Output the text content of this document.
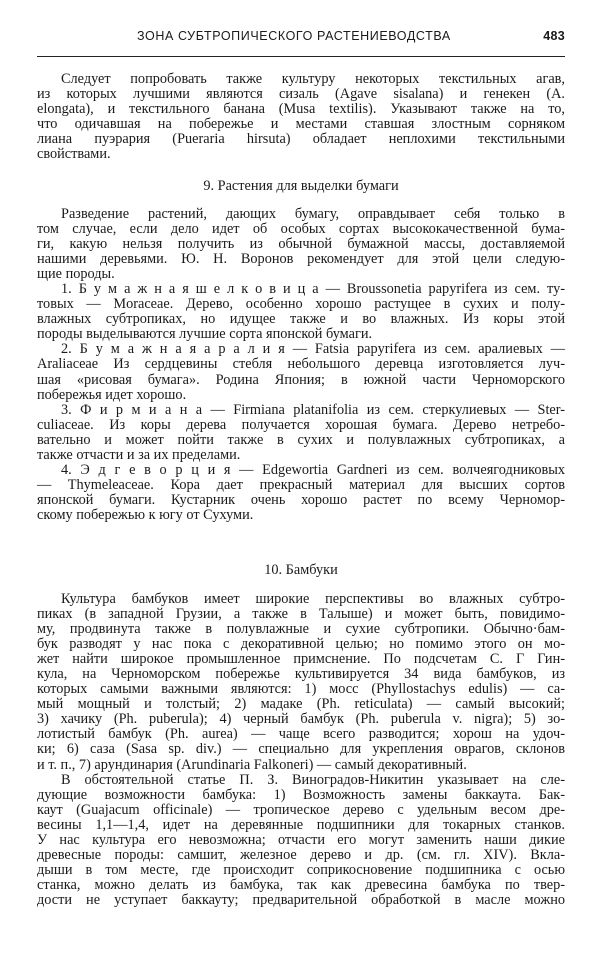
ЗОНА СУБТРОПИЧЕСКОГО РАСТЕНИЕВОДСТВА	483
Следует попробовать также культуру некоторых текстильных агав,
из которых лучшими являются сизаль (Agave sisalana) и генекен (A.
elongata), и текстильного банана (Musa textilis). Указывают также на то,
что одичавшая на побережье и местами ставшая злостным сорняком
лиана пуэрария (Pueraria hirsuta) обладает неплохими текстильными
свойствами.
9. Растения для выделки бумаги
Разведение растений, дающих бумагу, оправдывает себя только в
том случае, если дело идет об особых сортах высококачественной бума-
ги, какую нельзя получить из обычной бумажной массы, доставляемой
нашими деревьями. Ю. Н. Воронов рекомендует для этой цели следую-
щие породы.
1. Б у м а ж н а я ш е л к о в и ц а — Broussonetia papyrifera из сем. ту-
товых — Moraceae. Дерево, особенно хорошо растущее в сухих и полу-
влажных субтропиках, но идущее также и во влажных. Из коры этой
породы выделываются лучшие сорта японской бумаги.
2. Б у м а ж н а я а р а л и я — Fatsia papyrifera из сем. аралиевых —
Araliaceae Из сердцевины стебля небольшого деревца изготовляется луч-
шая «рисовая бумага». Родина Япония; в южной части Черноморского
побережья идет хорошо.
3. Ф и р м и а н а — Firmiana platanifolia из сем. стеркулиевых — Ster-
culiaceae. Из коры дерева получается хорошая бумага. Дерево нетребо-
вательно и может пойти также в сухих и полувлажных субтропиках, а
также отчасти и за их пределами.
4. Э д г е в о р ц и я — Edgewortia Gardneri из сем. волчеягодниковых
— Thymeleaceae. Кора дает прекрасный материал для высших сортов
японской бумаги. Кустарник очень хорошо растет по всему Черномор-
скому побережью к югу от Сухуми.
10. Бамбуки
Культура бамбуков имеет широкие перспективы во влажных субтро-
пиках (в западной Грузии, а также в Талыше) и может быть, повидимо-
му, продвинута также в полувлажные и сухие субтропики. Обычно·бам-
бук разводят у нас пока с декоративной целью; но помимо этого он мо-
жет найти широкое промышленное примснение. По подсчетам С. Г Гин-
кула, на Черноморском побережье культивируется 34 вида бамбуков, из
которых самыми важными являются: 1) мосс (Phyllostachys edulis) — са-
мый мощный и толстый; 2) мадаке (Ph. reticulata) — самый высокий;
3) хачику (Ph. puberula); 4) черный бамбук (Ph. puberula v. nigra); 5) зо-
лотистый бамбук (Ph. aurea) — чаще всего разводится; хорош на удоч-
ки; 6) саза (Sasa sp. div.) — специально для укрепления оврагов, склонов
и т. п., 7) арундинария (Arundinaria Falkoneri) — самый декоративный.
В обстоятельной статье П. З. Виноградов-Никитин указывает на сле-
дующие возможности бамбука: 1) Возможность замены баккаута. Бак-
каут (Guajacum officinale) — тропическое дерево с удельным весом дре-
весины 1,1—1,4, идет на деревянные подшипники для токарных станков.
У нас культура его невозможна; отчасти его могут заменить наши дикие
древесные породы: самшит, железное дерево и др. (см. гл. XIV). Вкла-
дыши в том месте, где происходит соприкосновение подшипника с осью
станка, можно делать из бамбука, так как древесина бамбука по твер-
дости не уступает баккауту; предварительной обработкой в масле можно
